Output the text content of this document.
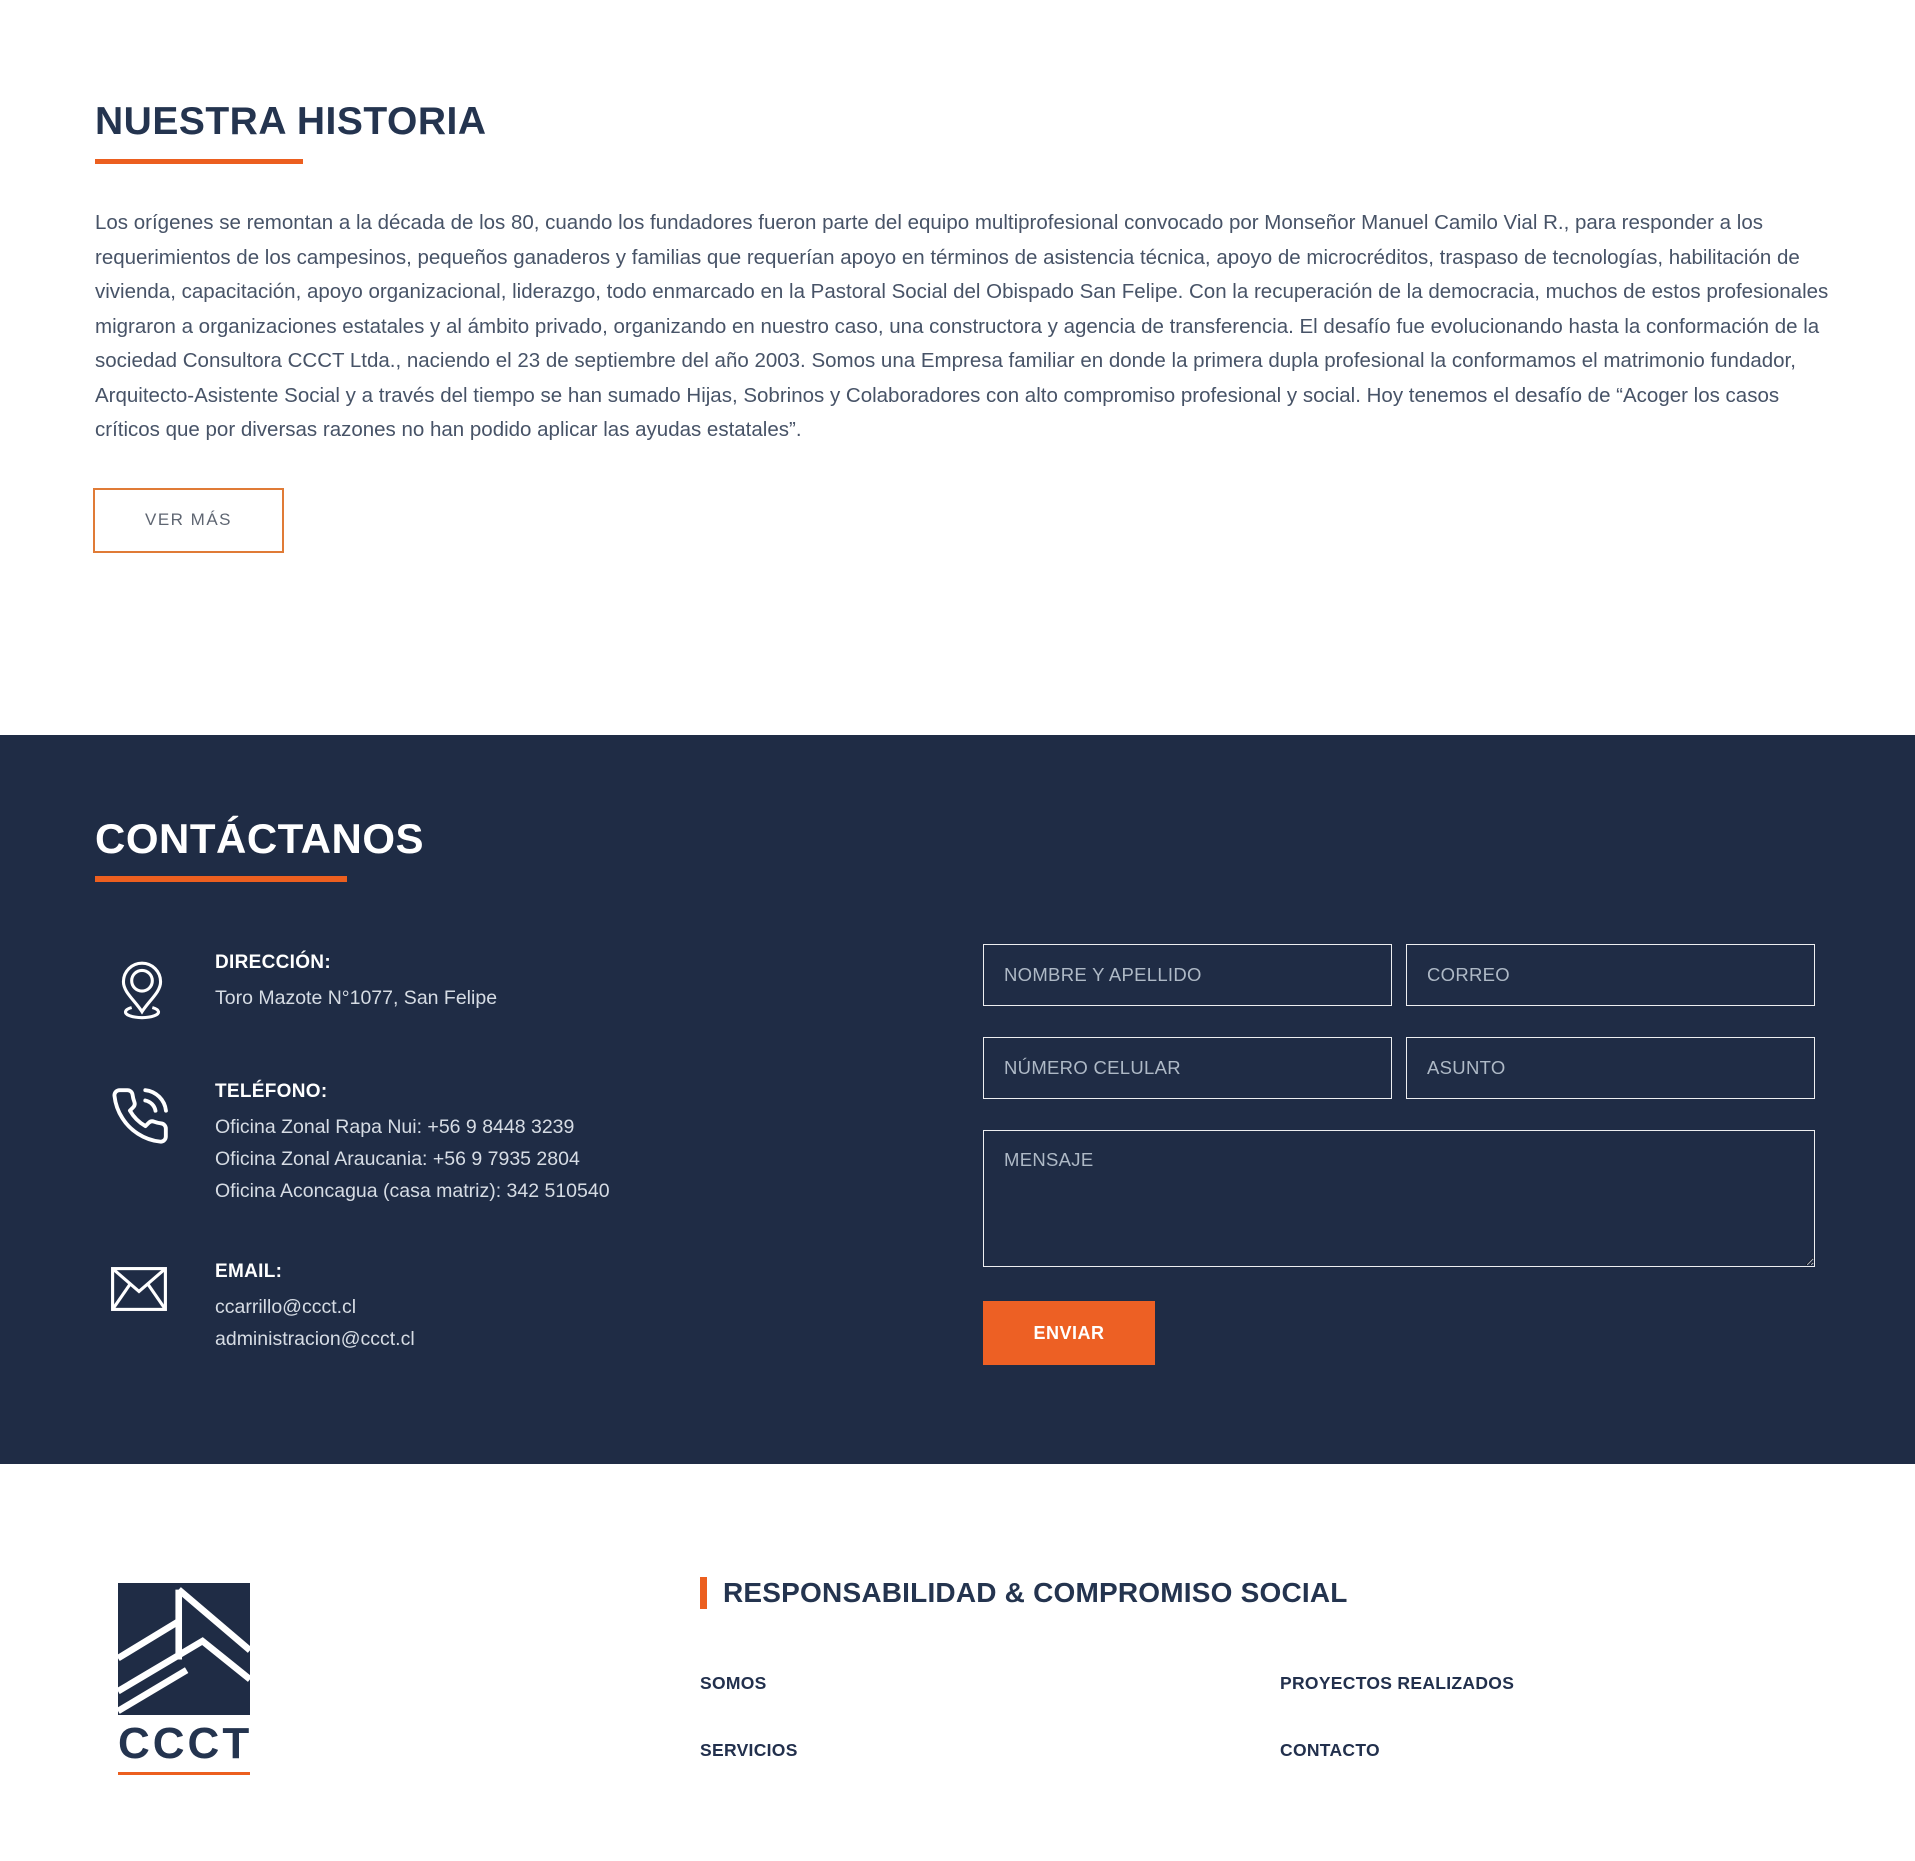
NUESTRA HISTORIA

Los orígenes se remontan a la década de los 80, cuando los fundadores fueron parte del equipo multiprofesional convocado por Monseñor Manuel Camilo Vial R., para responder a los requerimientos de los campesinos, pequeños ganaderos y familias que requerían apoyo en términos de asistencia técnica, apoyo de microcréditos, traspaso de tecnologías, habilitación de vivienda, capacitación, apoyo organizacional, liderazgo, todo enmarcado en la Pastoral Social del Obispado San Felipe. Con la recuperación de la democracia, muchos de estos profesionales migraron a organizaciones estatales y al ámbito privado, organizando en nuestro caso, una constructora y agencia de transferencia. El desafío fue evolucionando hasta la conformación de la sociedad Consultora CCCT Ltda., naciendo el 23 de septiembre del año 2003. Somos una Empresa familiar en donde la primera dupla profesional la conformamos el matrimonio fundador, Arquitecto-Asistente Social y a través del tiempo se han sumado Hijas, Sobrinos y Colaboradores con alto compromiso profesional y social. Hoy tenemos el desafío de “Acoger los casos críticos que por diversas razones no han podido aplicar las ayudas estatales”.

VER MÁS
CONTÁCTANOS
DIRECCIÓN:
Toro Mazote N°1077, San Felipe
TELÉFONO:
Oficina Zonal Rapa Nui: +56 9 8448 3239
Oficina Zonal Araucania: +56 9 7935 2804
Oficina Aconcagua (casa matriz): 342 510540
EMAIL:
ccarrillo@ccct.cl
administracion@ccct.cl
NOMBRE Y APELLIDO
CORREO
NÚMERO CELULAR
ASUNTO
MENSAJE	ENVIAR
CCCT
RESPONSABILIDAD & COMPROMISO SOCIAL
SOMOS	PROYECTOS REALIZADOS
SERVICIOS	CONTACTO
